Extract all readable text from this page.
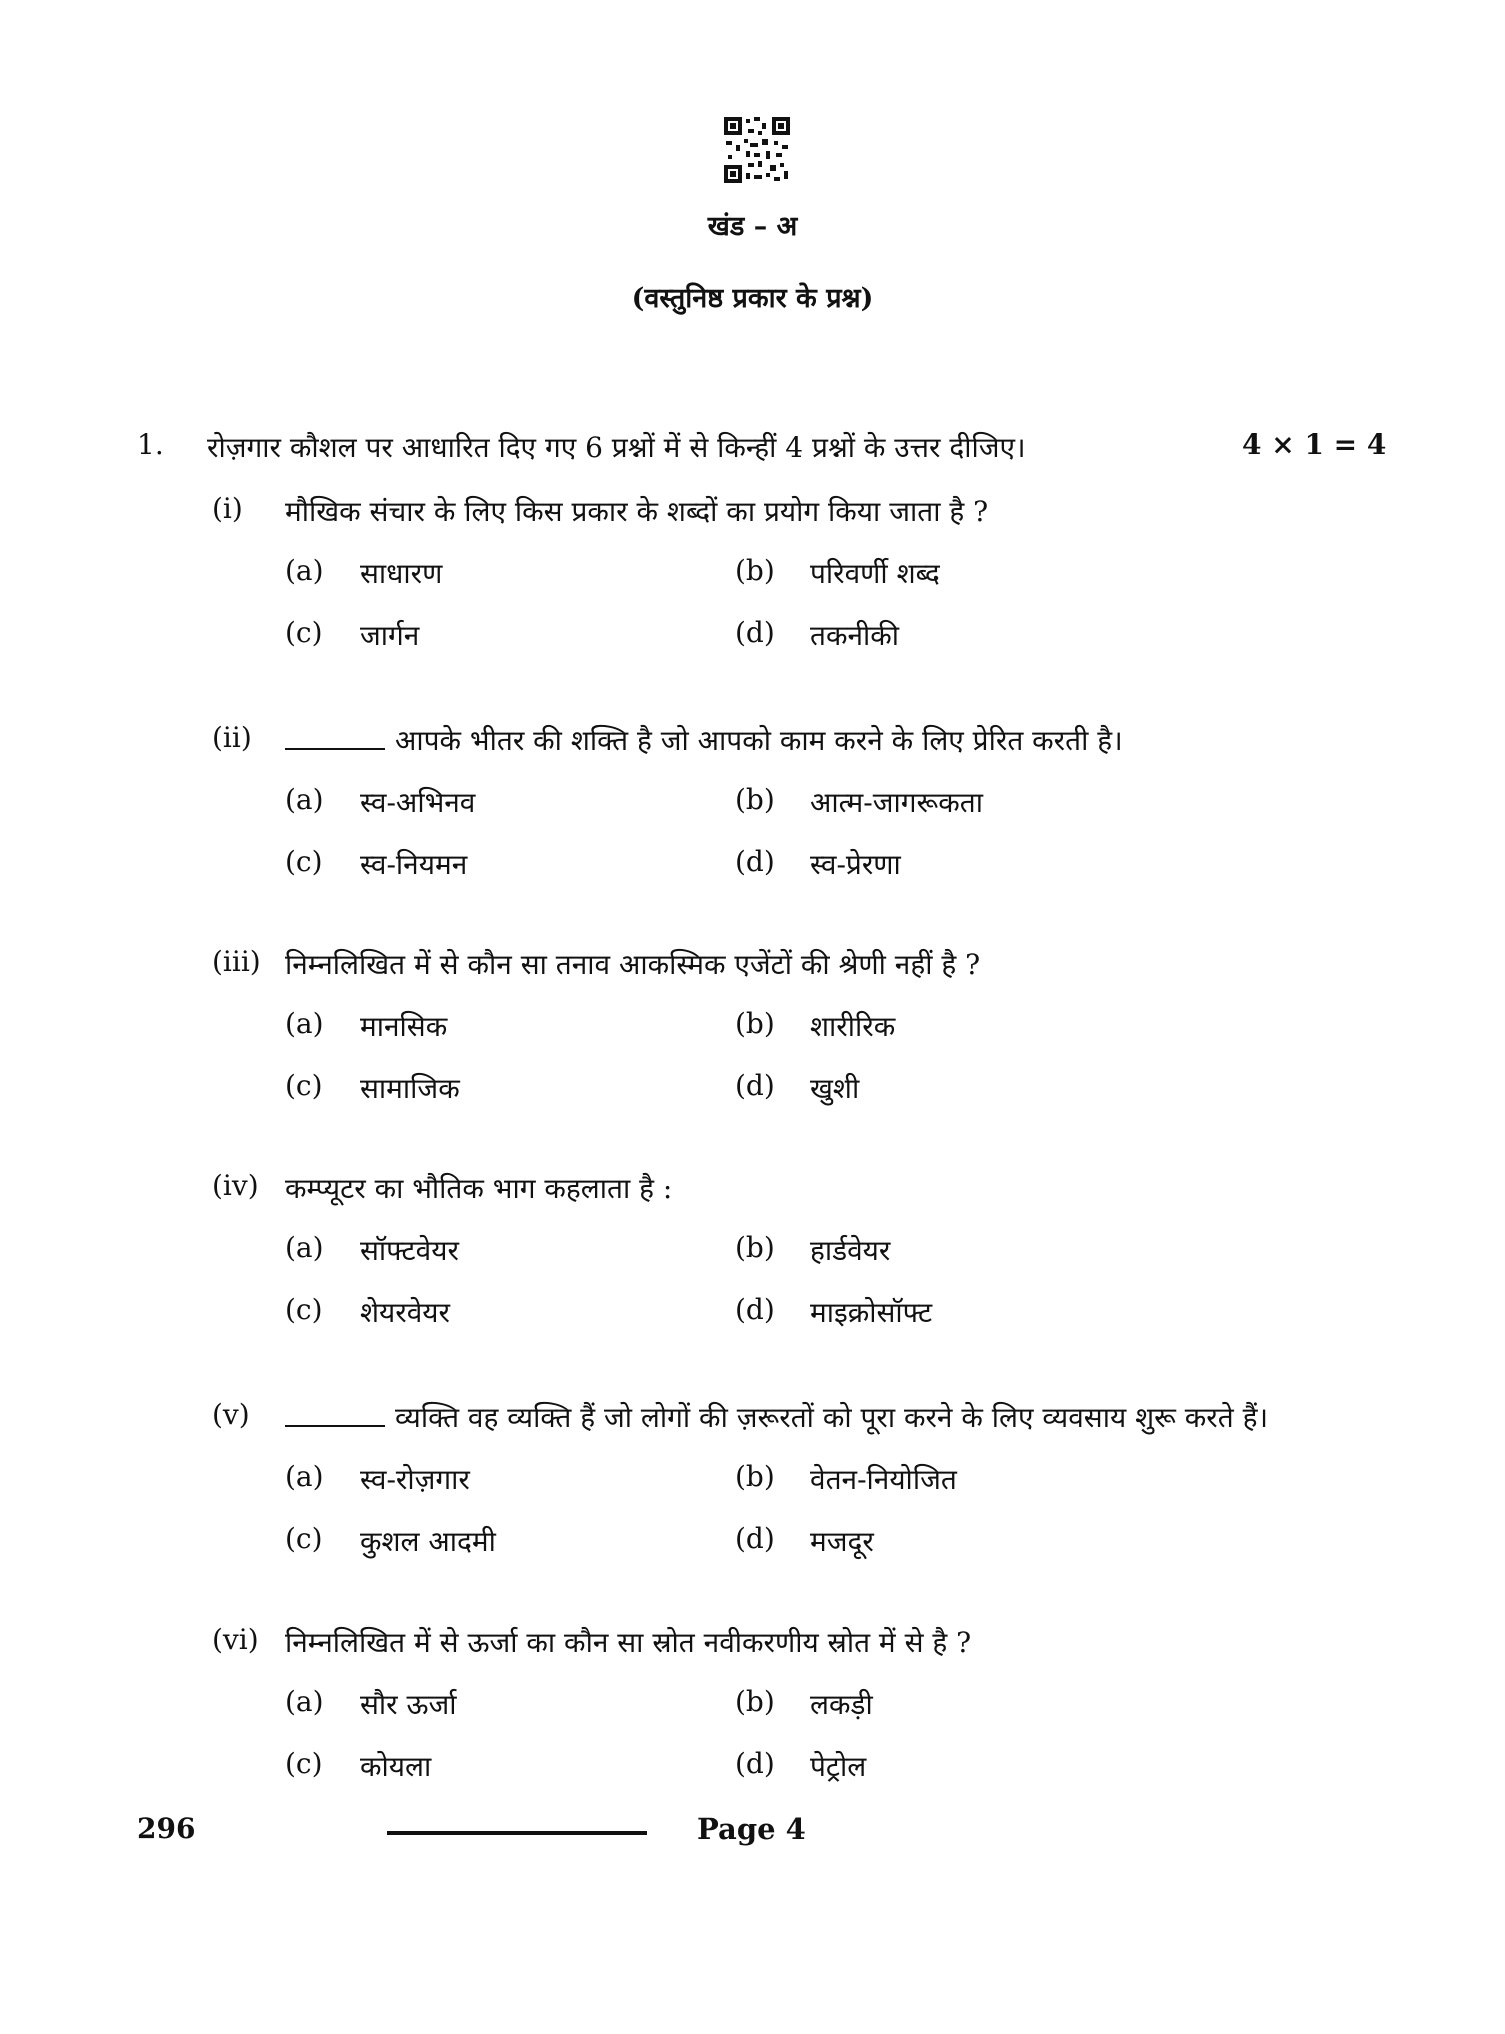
खंड – अ
(वस्तुनिष्ठ प्रकार के प्रश्न)
1. रोज़गार कौशल पर आधारित दिए गए 6 प्रश्नों में से किन्हीं 4 प्रश्नों के उत्तर दीजिए।	4 × 1 = 4
(i) मौखिक संचार के लिए किस प्रकार के शब्दों का प्रयोग किया जाता है ?
(a) साधारण	(b) परिवर्णी शब्द
(c) जार्गन	(d) तकनीकी
(ii)	आपके भीतर की शक्ति है जो आपको काम करने के लिए प्रेरित करती है।
(a) स्व-अभिनव	(b) आत्म-जागरूकता
(c) स्व-नियमन	(d) स्व-प्रेरणा
(iii) निम्नलिखित में से कौन सा तनाव आकस्मिक एजेंटों की श्रेणी नहीं है ?
(a) मानसिक	(b) शारीरिक
(c) सामाजिक	(d) खुशी
(iv) कम्प्यूटर का भौतिक भाग कहलाता है :
(a) सॉफ्टवेयर	(b) हार्डवेयर
(c) शेयरवेयर	(d) माइक्रोसॉफ्ट
(v)	व्यक्ति वह व्यक्ति हैं जो लोगों की ज़रूरतों को पूरा करने के लिए व्यवसाय शुरू करते हैं।
(a) स्व-रोज़गार	(b) वेतन-नियोजित
(c) कुशल आदमी	(d) मजदूर
(vi) निम्नलिखित में से ऊर्जा का कौन सा स्रोत नवीकरणीय स्रोत में से है ?
(a) सौर ऊर्जा	(b) लकड़ी
(c) कोयला	(d) पेट्रोल
296	Page 4
